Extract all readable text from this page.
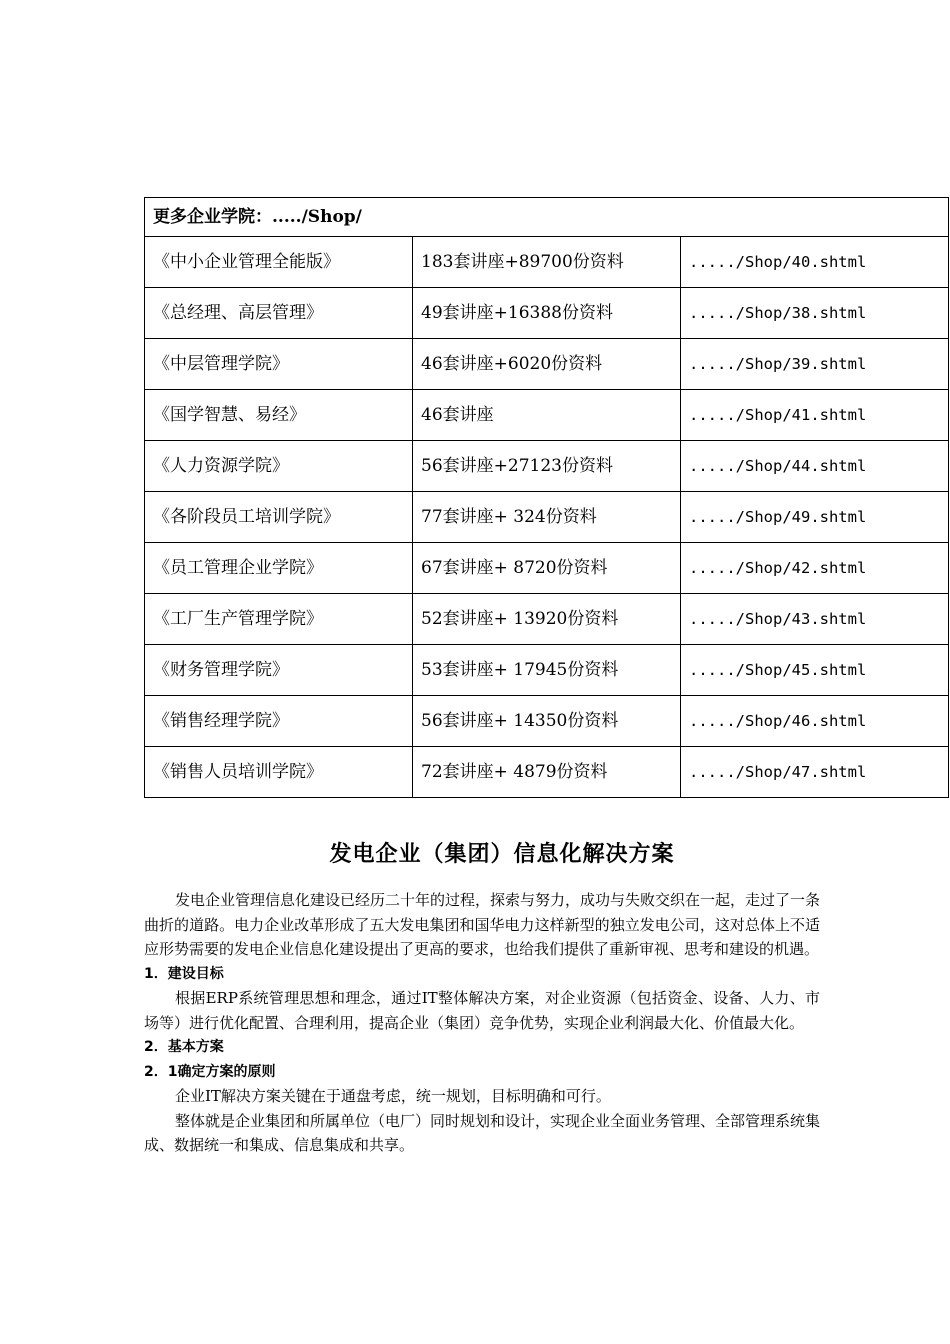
更多企业学院：...../Shop/		
《中小企业管理全能版》	183套讲座+89700份资料	...../Shop/40.shtml
《总经理、高层管理》	49套讲座+16388份资料	...../Shop/38.shtml
《中层管理学院》	46套讲座+6020份资料	...../Shop/39.shtml
《国学智慧、易经》	46套讲座	...../Shop/41.shtml
《人力资源学院》	56套讲座+27123份资料	...../Shop/44.shtml
《各阶段员工培训学院》	77套讲座+ 324份资料	...../Shop/49.shtml
《员工管理企业学院》	67套讲座+ 8720份资料	...../Shop/42.shtml
《工厂生产管理学院》	52套讲座+ 13920份资料	...../Shop/43.shtml
《财务管理学院》	53套讲座+ 17945份资料	...../Shop/45.shtml
《销售经理学院》	56套讲座+ 14350份资料	...../Shop/46.shtml
《销售人员培训学院》	72套讲座+ 4879份资料	...../Shop/47.shtml
发电企业（集团）信息化解决方案

发电企业管理信息化建设已经历二十年的过程，探索与努力，成功与失败交织在一起，走过了一条曲折的道路。电力企业改革形成了五大发电集团和国华电力这样新型的独立发电公司，这对总体上不适应形势需要的发电企业信息化建设提出了更高的要求，也给我们提供了重新审视、思考和建设的机遇。

1．建设目标

根据ERP系统管理思想和理念，通过IT整体解决方案，对企业资源（包括资金、设备、人力、市场等）进行优化配置、合理利用，提高企业（集团）竞争优势，实现企业利润最大化、价值最大化。

2．基本方案
2．1确定方案的原则

企业IT解决方案关键在于通盘考虑，统一规划，目标明确和可行。

整体就是企业集团和所属单位（电厂）同时规划和设计，实现企业全面业务管理、全部管理系统集成、数据统一和集成、信息集成和共享。
